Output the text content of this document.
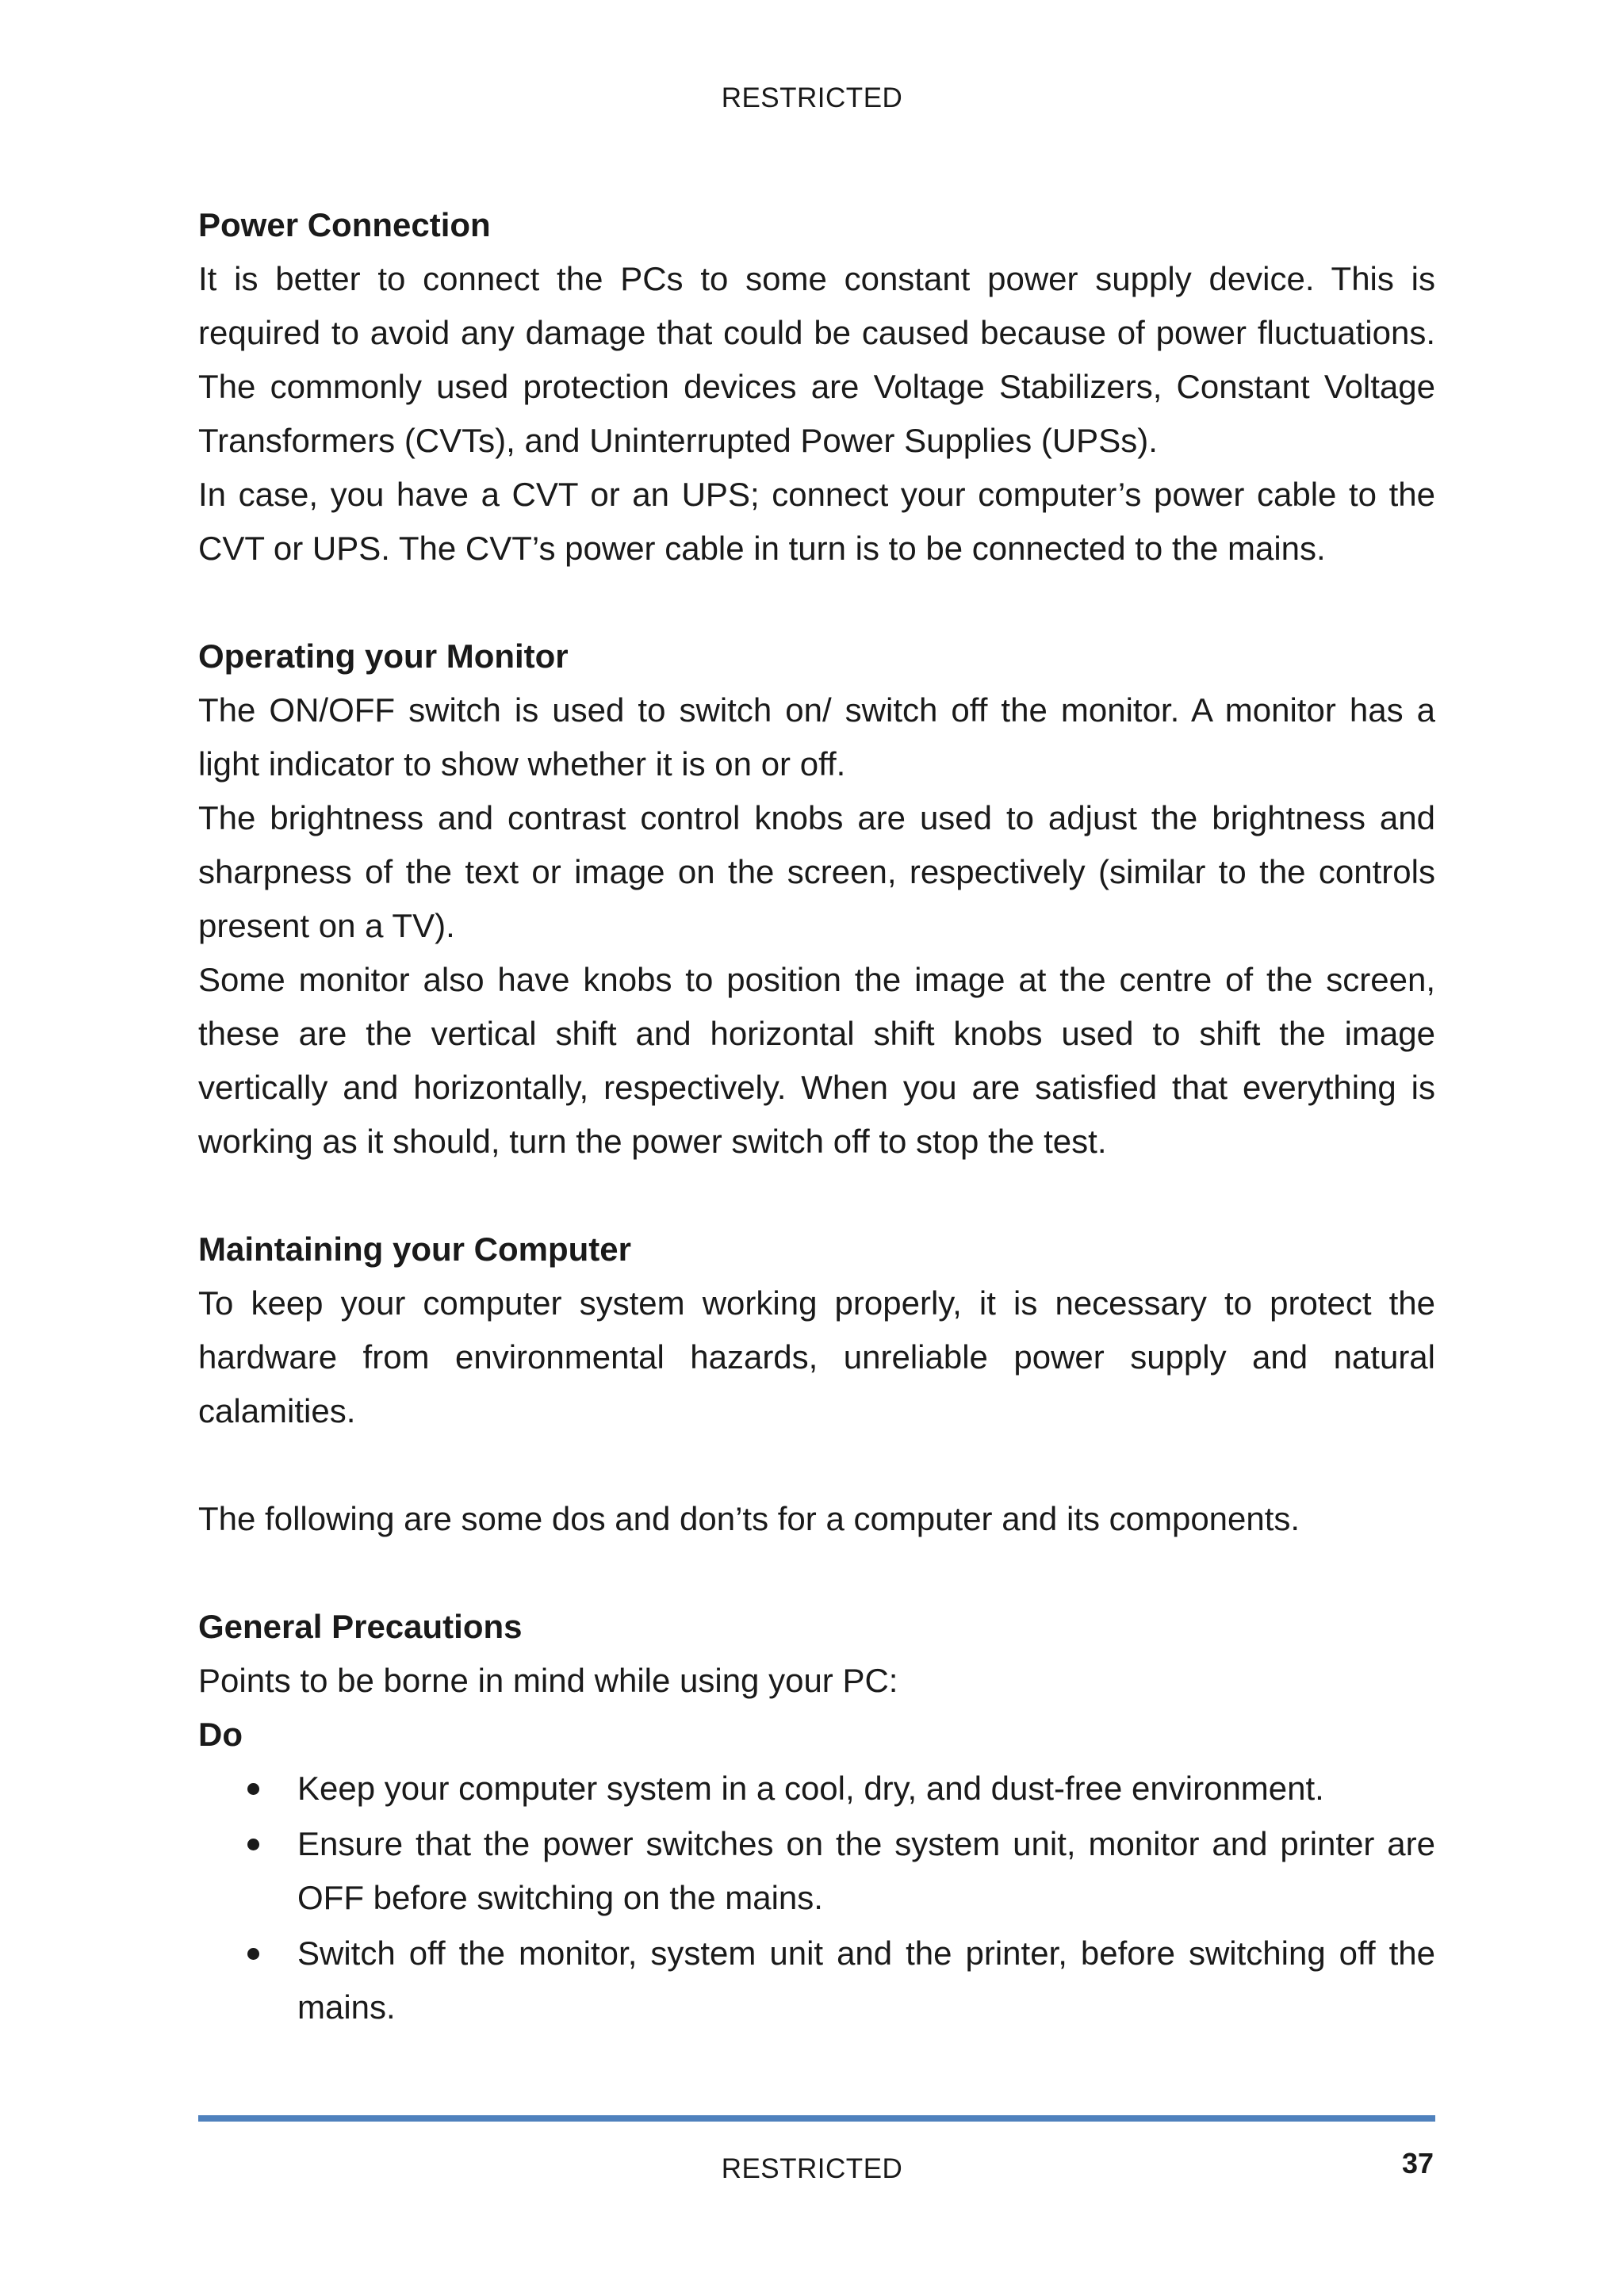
RESTRICTED
Power Connection

It is better to connect the PCs to some constant power supply device. This is required to avoid any damage that could be caused because of power fluctuations. The commonly used protection devices are Voltage Stabilizers, Constant Voltage Transformers (CVTs), and Uninterrupted Power Supplies (UPSs).

In case, you have a CVT or an UPS; connect your computer’s power cable to the CVT or UPS. The CVT’s power cable in turn is to be connected to the mains.

Operating your Monitor

The ON/OFF switch is used to switch on/ switch off the monitor. A monitor has a light indicator to show whether it is on or off.

The brightness and contrast control knobs are used to adjust the brightness and sharpness of the text or image on the screen, respectively (similar to the controls present on a TV).

Some monitor also have knobs to position the image at the centre of the screen, these are the vertical shift and horizontal shift knobs used to shift the image vertically and horizontally, respectively. When you are satisfied that everything is working as it should, turn the power switch off to stop the test.

Maintaining your Computer

To keep your computer system working properly, it is necessary to protect the hardware from environmental hazards, unreliable power supply and natural calamities.

The following are some dos and don’ts for a computer and its components.

General Precautions

Points to be borne in mind while using your PC:

Do
Keep your computer system in a cool, dry, and dust-free environment.
Ensure that the power switches on the system unit, monitor and printer are OFF before switching on the mains.
Switch off the monitor, system unit and the printer, before switching off the mains.
RESTRICTED	37
